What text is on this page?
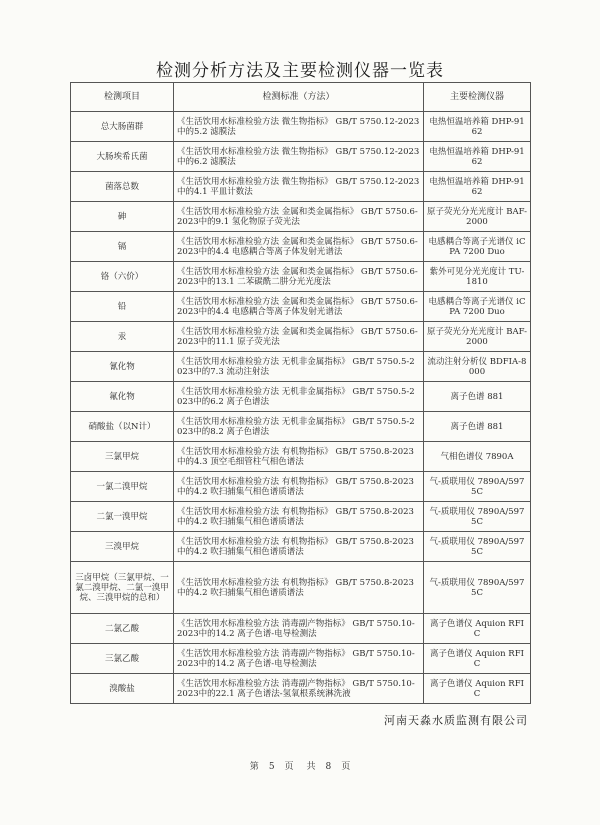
检测分析方法及主要检测仪器一览表
检测项目	检测标准（方法）	主要检测仪器
总大肠菌群	《生活饮用水标准检验方法 微生物指标》 GB/T 5750.12-2023中的5.2 滤膜法	电热恒温培养箱 DHP-9162
大肠埃希氏菌	《生活饮用水标准检验方法 微生物指标》 GB/T 5750.12-2023中的6.2 滤膜法	电热恒温培养箱 DHP-9162
菌落总数	《生活饮用水标准检验方法 微生物指标》 GB/T 5750.12-2023中的4.1 平皿计数法	电热恒温培养箱 DHP-9162
砷	《生活饮用水标准检验方法 金属和类金属指标》 GB/T 5750.6-2023中的9.1 氢化物原子荧光法	原子荧光分光光度计 BAF-2000
镉	《生活饮用水标准检验方法 金属和类金属指标》 GB/T 5750.6-2023中的4.4 电感耦合等离子体发射光谱法	电感耦合等离子光谱仪 iCPA 7200 Duo
铬（六价）	《生活饮用水标准检验方法 金属和类金属指标》 GB/T 5750.6-2023中的13.1 二苯碳酰二肼分光光度法	紫外可见分光光度计 TU-1810
铅	《生活饮用水标准检验方法 金属和类金属指标》 GB/T 5750.6-2023中的4.4 电感耦合等离子体发射光谱法	电感耦合等离子光谱仪 iCPA 7200 Duo
汞	《生活饮用水标准检验方法 金属和类金属指标》 GB/T 5750.6-2023中的11.1 原子荧光法	原子荧光分光光度计 BAF-2000
氰化物	《生活饮用水标准检验方法 无机非金属指标》 GB/T 5750.5-2023中的7.3 流动注射法	流动注射分析仪 BDFIA-8000
氟化物	《生活饮用水标准检验方法 无机非金属指标》 GB/T 5750.5-2023中的6.2 离子色谱法	离子色谱 881
硝酸盐（以N计）	《生活饮用水标准检验方法 无机非金属指标》 GB/T 5750.5-2023中的8.2 离子色谱法	离子色谱 881
三氯甲烷	《生活饮用水标准检验方法 有机物指标》 GB/T 5750.8-2023中的4.3 顶空毛细管柱气相色谱法	气相色谱仪 7890A
一氯二溴甲烷	《生活饮用水标准检验方法 有机物指标》 GB/T 5750.8-2023中的4.2 吹扫捕集气相色谱质谱法	气-质联用仪 7890A/5975C
二氯一溴甲烷	《生活饮用水标准检验方法 有机物指标》 GB/T 5750.8-2023中的4.2 吹扫捕集气相色谱质谱法	气-质联用仪 7890A/5975C
三溴甲烷	《生活饮用水标准检验方法 有机物指标》 GB/T 5750.8-2023中的4.2 吹扫捕集气相色谱质谱法	气-质联用仪 7890A/5975C
三卤甲烷（三氯甲烷、一氯二溴甲烷、二氯一溴甲烷、三溴甲烷的总和）	《生活饮用水标准检验方法 有机物指标》 GB/T 5750.8-2023中的4.2 吹扫捕集气相色谱质谱法	气-质联用仪 7890A/5975C
二氯乙酸	《生活饮用水标准检验方法 消毒副产物指标》 GB/T 5750.10-2023中的14.2 离子色谱-电导检测法	离子色谱仪 Aquion RFIC
三氯乙酸	《生活饮用水标准检验方法 消毒副产物指标》 GB/T 5750.10-2023中的14.2 离子色谱-电导检测法	离子色谱仪 Aquion RFIC
溴酸盐	《生活饮用水标准检验方法 消毒副产物指标》 GB/T 5750.10-2023中的22.1 离子色谱法-氢氧根系统淋洗液	离子色谱仪 Aquion RFIC
河南天淼水质监测有限公司
第 5 页 共 8 页
